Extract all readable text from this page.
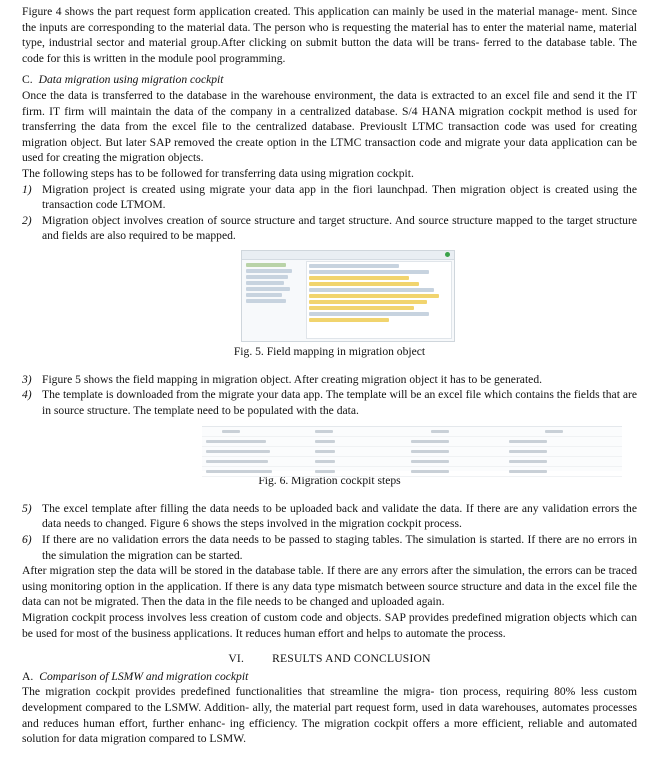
Figure 4 shows the part request form application created. This application can mainly be used in the material manage- ment. Since the inputs are corresponding to the material data. The person who is requesting the material has to enter the material name, material type, industrial sector and material group.After clicking on submit button the data will be trans- ferred to the database table. The code for this is written in the module pool programming.

C. Data migration using migration cockpit

Once the data is transferred to the database in the warehouse environment, the data is extracted to an excel file and send it the IT firm. IT firm will maintain the data of the company in a centralized database. S/4 HANA migration cockpit method is used for transferring the data from the excel file to the centralized database. Previouslt LTMC transaction code was used for creating migration object. But later SAP removed the create option in the LTMC transaction code and migrate your data application can be used for creating the migration objects.

The following steps has to be followed for transferring data using migration cockpit.

1) Migration project is created using migrate your data app in the fiori launchpad. Then migration object is created using the transaction code LTMOM.
2) Migration object involves creation of source structure and target structure. And source structure mapped to the target structure and fields are also required to be mapped.

Fig. 5. Field mapping in migration object

3) Figure 5 shows the field mapping in migration object. After creating migration object it has to be generated.
4) The template is downloaded from the migrate your data app. The template will be an excel file which contains the fields that are in source structure. The template need to be populated with the data.

Fig. 6. Migration cockpit steps

5) The excel template after filling the data needs to be uploaded back and validate the data. If there are any validation errors the data needs to changed. Figure 6 shows the steps involved in the migration cockpit process.
6) If there are no validation errors the data needs to be passed to staging tables. The simulation is started. If there are no errors in the simulation the migration can be started.

After migration step the data will be stored in the database table. If there are any errors after the simulation, the errors can be traced using monitoring option in the application. If there is any data type mismatch between source structure and data in the excel file the data can not be migrated. Then the data in the file needs to be changed and uploaded again.

Migration cockpit process involves less creation of custom code and objects. SAP provides predefined migration objects which can be used for most of the business applications. It reduces human effort and helps to automate the process.

VI. RESULTS AND CONCLUSION

A. Comparison of LSMW and migration cockpit

The migration cockpit provides predefined functionalities that streamline the migra- tion process, requiring 80% less custom development compared to the LSMW. Addition- ally, the material part request form, used in data warehouses, automates processes and reduces human effort, further enhanc- ing efficiency. The migration cockpit offers a more efficient, reliable and automated solution for data migration compared to LSMW.
